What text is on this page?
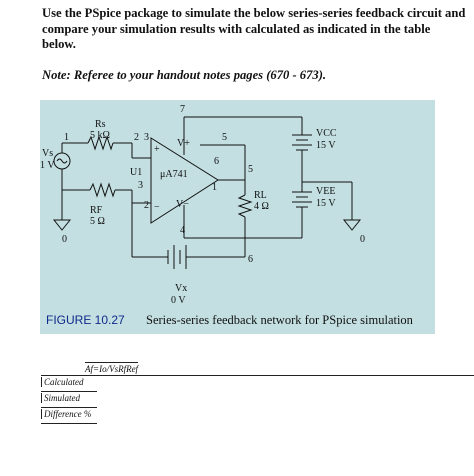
Use the PSpice package to simulate the below series-series feedback circuit and compare your simulation results with calculated as indicated in the table below.
Note: Referee to your handout notes pages (670 - 673).
Rs
5 kΩ
RF
5 Ω
RL
4 Ω
Vs
1 V
Vx
0 V
VCC
15 V
VEE
15 V
U1 μA741
V+
V−
0	0
1	2 3
3
4
5
5
6
6
7
1
2
+
−
FIGURE 10.27 Series-series feedback network for PSpice simulation
Af=Io/VsRfRef
Calculated
Simulated
Difference %
